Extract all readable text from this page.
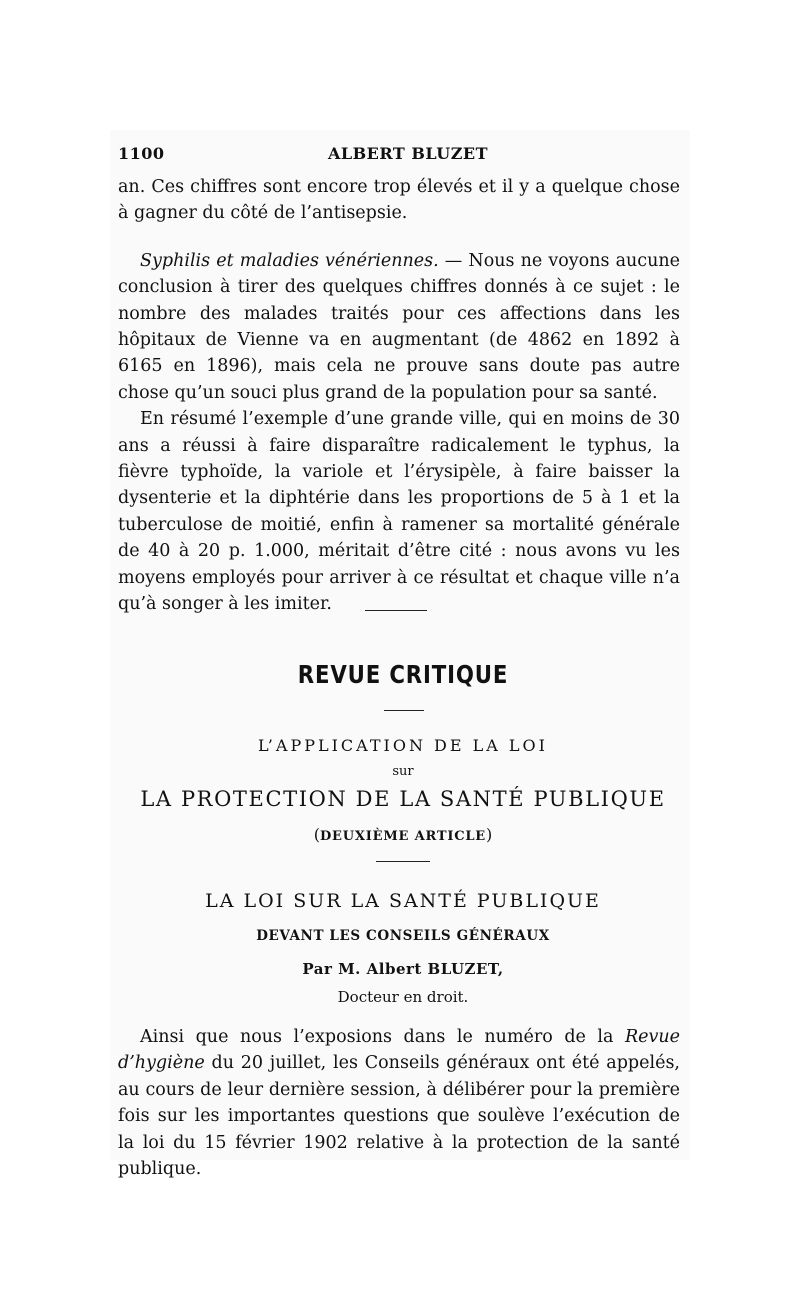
1100	ALBERT BLUZET

an. Ces chiffres sont encore trop élevés et il y a quelque chose à gagner du côté de l’antisepsie.

Syphilis et maladies vénériennes. — Nous ne voyons aucune conclusion à tirer des quelques chiffres donnés à ce sujet : le nombre des malades traités pour ces affections dans les hôpitaux de Vienne va en augmentant (de 4862 en 1892 à 6165 en 1896), mais cela ne prouve sans doute pas autre chose qu’un souci plus grand de la population pour sa santé.

En résumé l’exemple d’une grande ville, qui en moins de 30 ans a réussi à faire disparaître radicalement le typhus, la fièvre typhoïde, la variole et l’érysipèle, à faire baisser la dysenterie et la diphtérie dans les proportions de 5 à 1 et la tuberculose de moitié, enfin à ramener sa mortalité générale de 40 à 20 p. 1.000, méritait d’être cité : nous avons vu les moyens employés pour arriver à ce résultat et chaque ville n’a qu’à songer à les imiter.

REVUE CRITIQUE
L’APPLICATION DE LA LOI
sur
LA PROTECTION DE LA SANTÉ PUBLIQUE
(DEUXIÈME ARTICLE)
LA LOI SUR LA SANTÉ PUBLIQUE
DEVANT LES CONSEILS GÉNÉRAUX
Par M. Albert BLUZET,
Docteur en droit.

Ainsi que nous l’exposions dans le numéro de la Revue d’hygiène du 20 juillet, les Conseils généraux ont été appelés, au cours de leur dernière session, à délibérer pour la première fois sur les importantes questions que soulève l’exécution de la loi du 15 février 1902 relative à la protection de la santé publique.
